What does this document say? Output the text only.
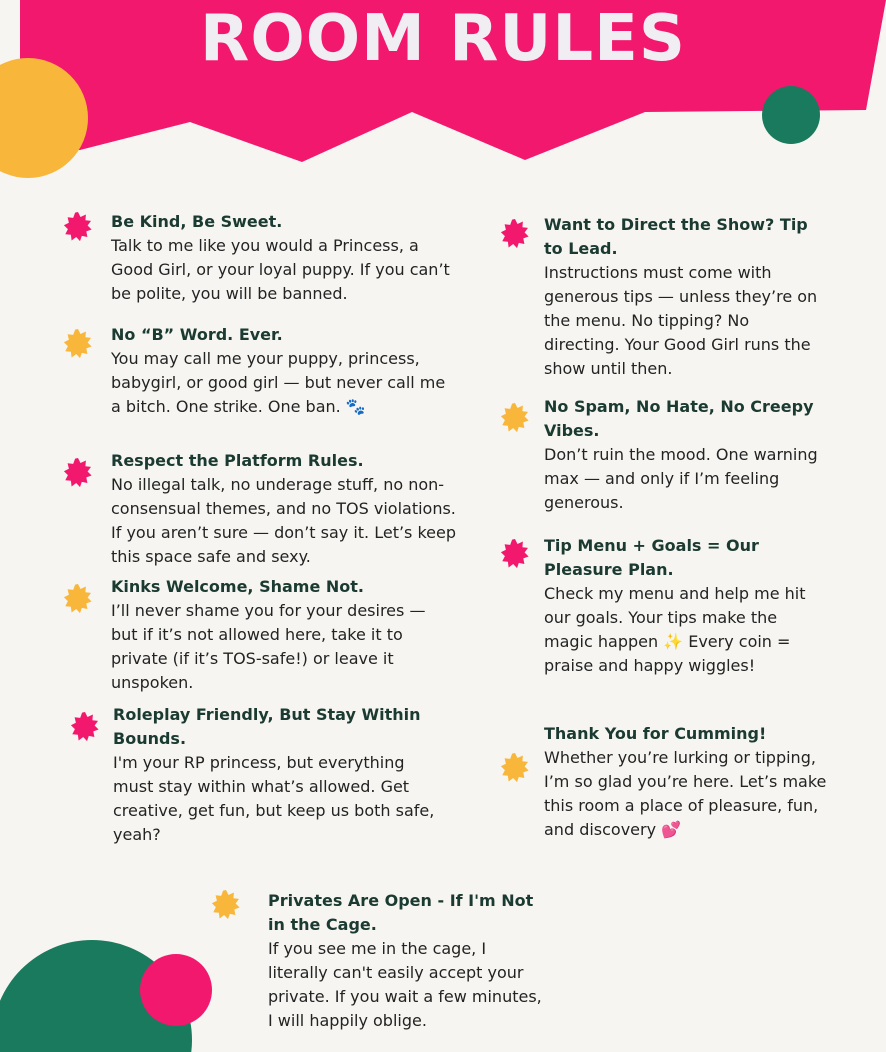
ROOM RULES
Be Kind, Be Sweet.
Talk to me like you would a Princess, a Good Girl, or your loyal puppy. If you can’t be polite, you will be banned.
No “B” Word. Ever.
You may call me your puppy, princess, babygirl, or good girl — but never call me a bitch. One strike. One ban. 🐾
Respect the Platform Rules.
No illegal talk, no underage stuff, no non-consensual themes, and no TOS violations. If you aren’t sure — don’t say it. Let’s keep this space safe and sexy.
Kinks Welcome, Shame Not.
I’ll never shame you for your desires — but if it’s not allowed here, take it to private (if it’s TOS-safe!) or leave it unspoken.
Roleplay Friendly, But Stay Within Bounds.
I'm your RP princess, but everything must stay within what’s allowed. Get creative, get fun, but keep us both safe, yeah?
Want to Direct the Show? Tip to Lead.
Instructions must come with generous tips — unless they’re on the menu. No tipping? No directing. Your Good Girl runs the show until then.
No Spam, No Hate, No Creepy Vibes.
Don’t ruin the mood. One warning max — and only if I’m feeling generous.
Tip Menu + Goals = Our Pleasure Plan.
Check my menu and help me hit our goals. Your tips make the magic happen ✨ Every coin = praise and happy wiggles!
Thank You for Cumming!
Whether you’re lurking or tipping, I’m so glad you’re here. Let’s make this room a place of pleasure, fun, and discovery 💕
Privates Are Open - If I'm Not in the Cage.
If you see me in the cage, I literally can't easily accept your private. If you wait a few minutes, I will happily oblige.
